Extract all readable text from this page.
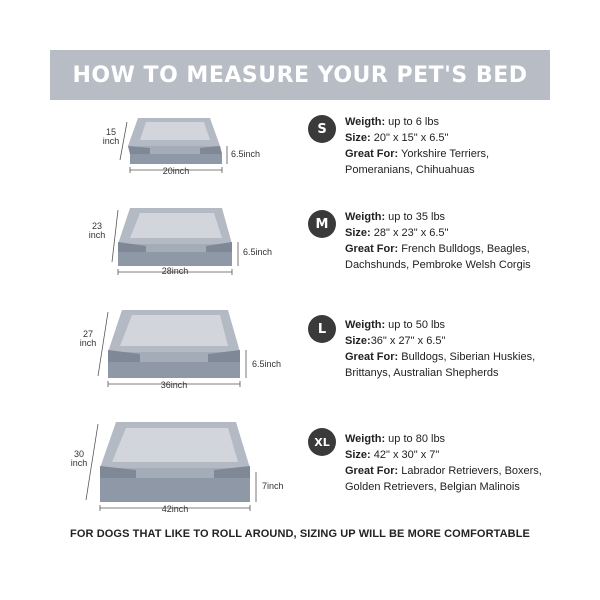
HOW TO MEASURE YOUR PET'S BED
15
inch
6.5inch
20inch
S	Weigth: up to 6 lbs
Size: 20" x 15" x 6.5"
Great For: Yorkshire Terriers,
Pomeranians, Chihuahuas
23
inch
6.5inch
28inch
M	Weigth: up to 35 lbs
Size: 28" x 23" x 6.5"
Great For: French Bulldogs, Beagles,
Dachshunds, Pembroke Welsh Corgis
27
inch
6.5inch
36inch
L	Weigth: up to 50 lbs
Size:36" x 27" x 6.5"
Great For: Bulldogs, Siberian Huskies,
Brittanys, Australian Shepherds
30
inch
7inch
42inch
XL	Weigth: up to 80 lbs
Size: 42" x 30" x 7"
Great For: Labrador Retrievers, Boxers,
Golden Retrievers, Belgian Malinois
FOR DOGS THAT LIKE TO ROLL AROUND, SIZING UP WILL BE MORE COMFORTABLE
